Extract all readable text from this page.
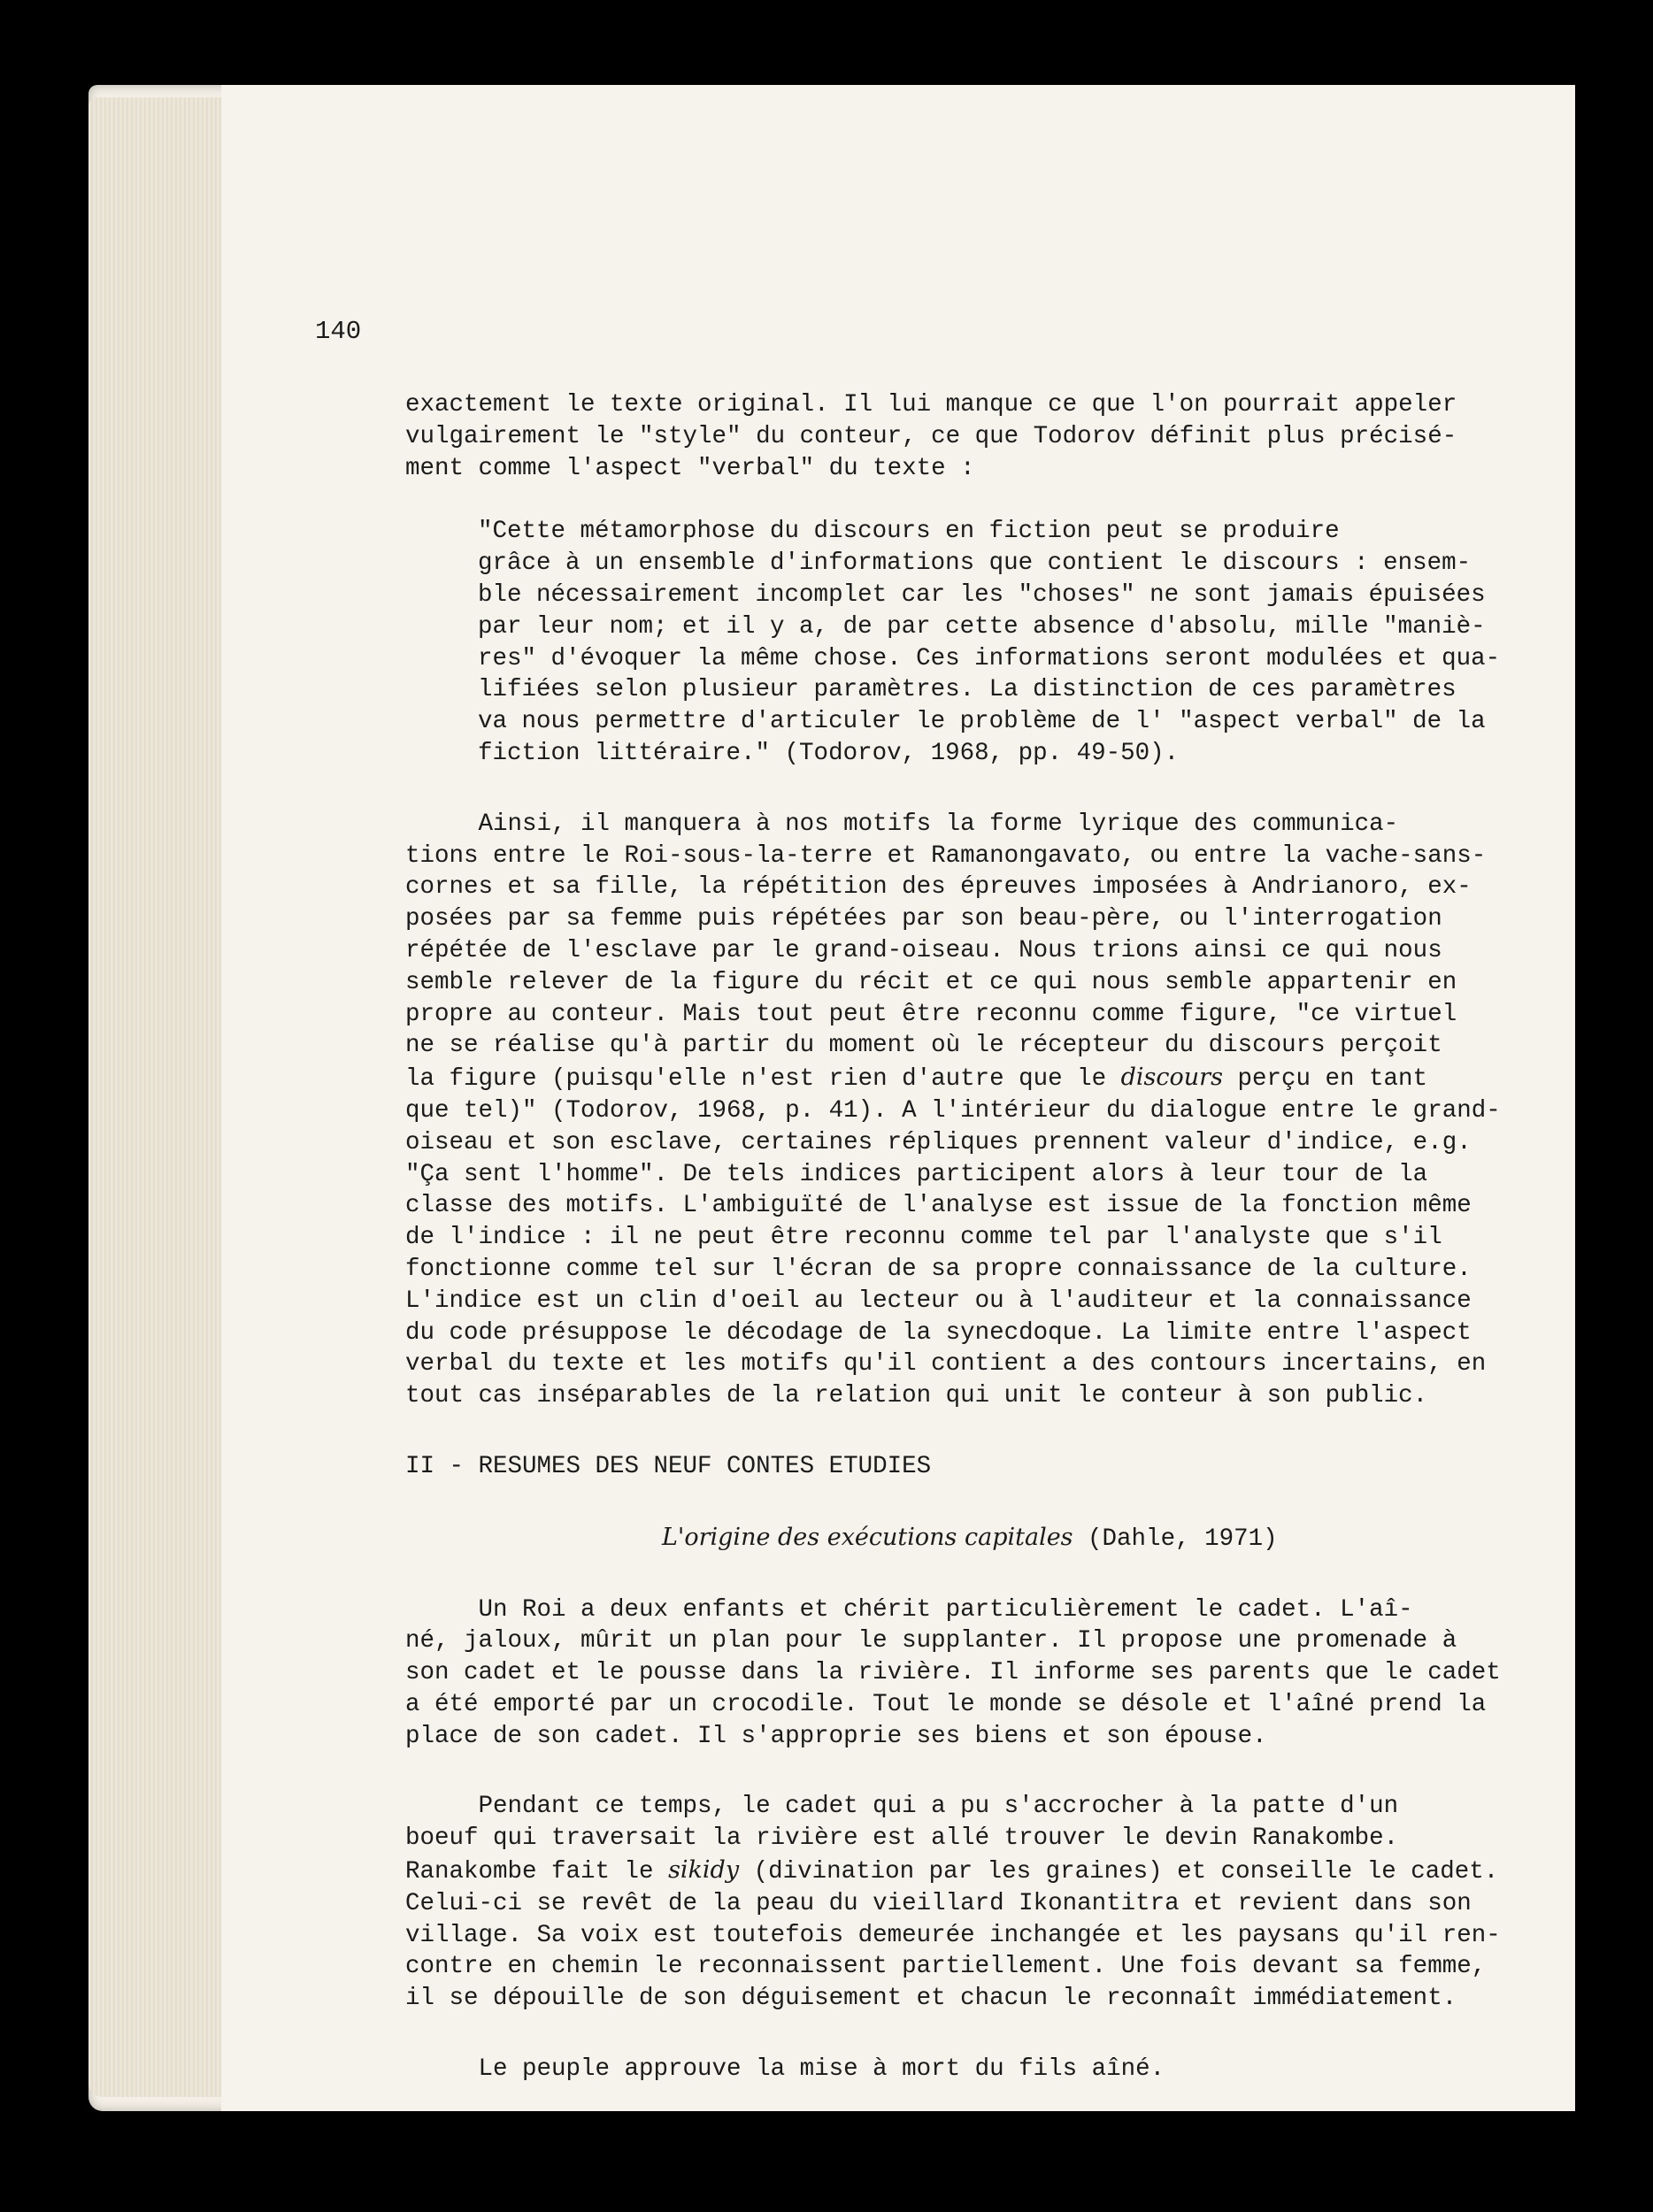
140
exactement le texte original. Il lui manque ce que l'on pourrait appeler
vulgairement le "style" du conteur, ce que Todorov définit plus précisé-
ment comme l'aspect "verbal" du texte :
"Cette métamorphose du discours en fiction peut se produire
grâce à un ensemble d'informations que contient le discours : ensem-
ble nécessairement incomplet car les "choses" ne sont jamais épuisées
par leur nom; et il y a, de par cette absence d'absolu, mille "maniè-
res" d'évoquer la même chose. Ces informations seront modulées et qua-
lifiées selon plusieur paramètres. La distinction de ces paramètres
va nous permettre d'articuler le problème de l' "aspect verbal" de la
fiction littéraire." (Todorov, 1968, pp. 49-50).
Ainsi, il manquera à nos motifs la forme lyrique des communica-
tions entre le Roi-sous-la-terre et Ramanongavato, ou entre la vache-sans-
cornes et sa fille, la répétition des épreuves imposées à Andrianoro, ex-
posées par sa femme puis répétées par son beau-père, ou l'interrogation
répétée de l'esclave par le grand-oiseau. Nous trions ainsi ce qui nous
semble relever de la figure du récit et ce qui nous semble appartenir en
propre au conteur. Mais tout peut être reconnu comme figure, "ce virtuel
ne se réalise qu'à partir du moment où le récepteur du discours perçoit
la figure (puisqu'elle n'est rien d'autre que le discours perçu en tant
que tel)" (Todorov, 1968, p. 41). A l'intérieur du dialogue entre le grand-
oiseau et son esclave, certaines répliques prennent valeur d'indice, e.g.
"Ça sent l'homme". De tels indices participent alors à leur tour de la
classe des motifs. L'ambiguïté de l'analyse est issue de la fonction même
de l'indice : il ne peut être reconnu comme tel par l'analyste que s'il
fonctionne comme tel sur l'écran de sa propre connaissance de la culture.
L'indice est un clin d'oeil au lecteur ou à l'auditeur et la connaissance
du code présuppose le décodage de la synecdoque. La limite entre l'aspect
verbal du texte et les motifs qu'il contient a des contours incertains, en
tout cas inséparables de la relation qui unit le conteur à son public.
II - RESUMES DES NEUF CONTES ETUDIES
L'origine des exécutions capitales (Dahle, 1971)
Un Roi a deux enfants et chérit particulièrement le cadet. L'aî-
né, jaloux, mûrit un plan pour le supplanter. Il propose une promenade à
son cadet et le pousse dans la rivière. Il informe ses parents que le cadet
a été emporté par un crocodile. Tout le monde se désole et l'aîné prend la
place de son cadet. Il s'approprie ses biens et son épouse.
Pendant ce temps, le cadet qui a pu s'accrocher à la patte d'un
boeuf qui traversait la rivière est allé trouver le devin Ranakombe.
Ranakombe fait le sikidy (divination par les graines) et conseille le cadet.
Celui-ci se revêt de la peau du vieillard Ikonantitra et revient dans son
village. Sa voix est toutefois demeurée inchangée et les paysans qu'il ren-
contre en chemin le reconnaissent partiellement. Une fois devant sa femme,
il se dépouille de son déguisement et chacun le reconnaît immédiatement.
Le peuple approuve la mise à mort du fils aîné.
